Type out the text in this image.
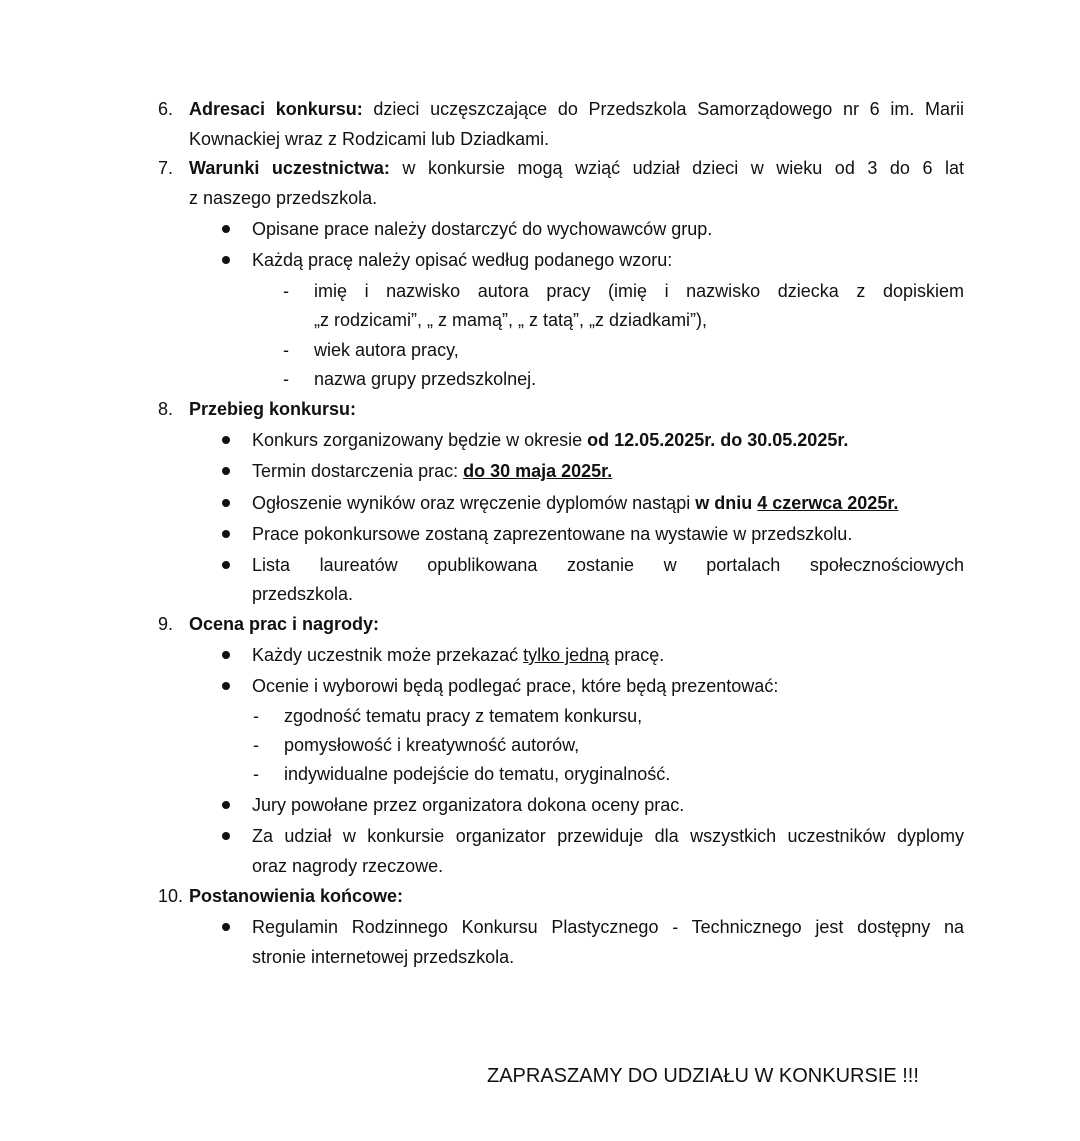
6. Adresaci konkursu: dzieci uczęszczające do Przedszkola Samorządowego nr 6 im. Marii

Kownackiej wraz z Rodzicami lub Dziadkami.

7. Warunki uczestnictwa: w konkursie mogą wziąć udział dzieci w wieku od 3 do 6 lat

z naszego przedszkola.

Opisane prace należy dostarczyć do wychowawców grup.

Każdą pracę należy opisać według podanego wzoru:

- imię i nazwisko autora pracy (imię i nazwisko dziecka z dopiskiem

„z rodzicami”, „ z mamą”, „ z tatą”, „z dziadkami”),

- wiek autora pracy,

- nazwa grupy przedszkolnej.

8. Przebieg konkursu:

Konkurs zorganizowany będzie w okresie od 12.05.2025r. do 30.05.2025r.

Termin dostarczenia prac: do 30 maja 2025r.

Ogłoszenie wyników oraz wręczenie dyplomów nastąpi w dniu 4 czerwca 2025r.

Prace pokonkursowe zostaną zaprezentowane na wystawie w przedszkolu.

Lista laureatów opublikowana zostanie w portalach społecznościowych

przedszkola.

9. Ocena prac i nagrody:

Każdy uczestnik może przekazać tylko jedną pracę.

Ocenie i wyborowi będą podlegać prace, które będą prezentować:

- zgodność tematu pracy z tematem konkursu,

- pomysłowość i kreatywność autorów,

- indywidualne podejście do tematu, oryginalność.

Jury powołane przez organizatora dokona oceny prac.

Za udział w konkursie organizator przewiduje dla wszystkich uczestników dyplomy

oraz nagrody rzeczowe.

10. Postanowienia końcowe:

Regulamin Rodzinnego Konkursu Plastycznego - Technicznego jest dostępny na

stronie internetowej przedszkola.

ZAPRASZAMY DO UDZIAŁU W KONKURSIE !!!
